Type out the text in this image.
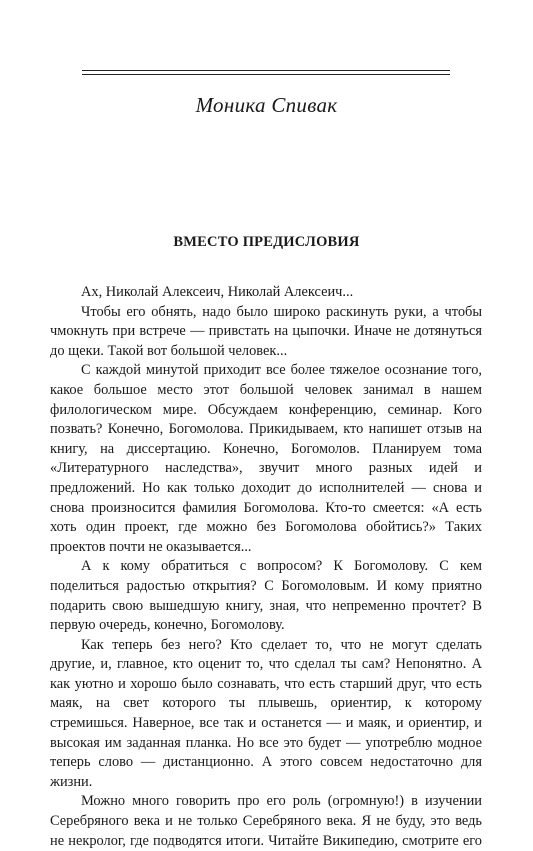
Моника Спивак
ВМЕСТО ПРЕДИСЛОВИЯ

Ах, Николай Алексеич, Николай Алексеич...

Чтобы его обнять, надо было широко раскинуть руки, а чтобы чмокнуть при встрече — привстать на цыпочки. Иначе не дотянуться до щеки. Такой вот большой человек...

С каждой минутой приходит все более тяжелое осознание того, какое большое место этот большой человек занимал в нашем филологическом мире. Обсуждаем конференцию, семинар. Кого позвать? Конечно, Богомолова. Прикидываем, кто напишет отзыв на книгу, на диссертацию. Конечно, Богомолов. Планируем тома «Литературного наследства», звучит много разных идей и предложений. Но как только доходит до исполнителей — снова и снова произносится фамилия Богомолова. Кто-то смеется: «А есть хоть один проект, где можно без Богомолова обойтись?» Таких проектов почти не оказывается...

А к кому обратиться с вопросом? К Богомолову. С кем поделиться радостью открытия? С Богомоловым. И кому приятно подарить свою вышедшую книгу, зная, что непременно прочтет? В первую очередь, конечно, Богомолову.

Как теперь без него? Кто сделает то, что не могут сделать другие, и, главное, кто оценит то, что сделал ты сам? Непонятно. А как уютно и хорошо было сознавать, что есть старший друг, что есть маяк, на свет которого ты плывешь, ориентир, к которому стремишься. Наверное, все так и останется — и маяк, и ориентир, и высокая им заданная планка. Но все это будет — употреблю модное теперь слово — дистанционно. А этого совсем недостаточно для жизни.

Можно много говорить про его роль (огромную!) в изучении Серебряного века и не только Серебряного века. Я не буду, это ведь не некролог, где подводятся итоги. Читайте Википедию, смотрите его
